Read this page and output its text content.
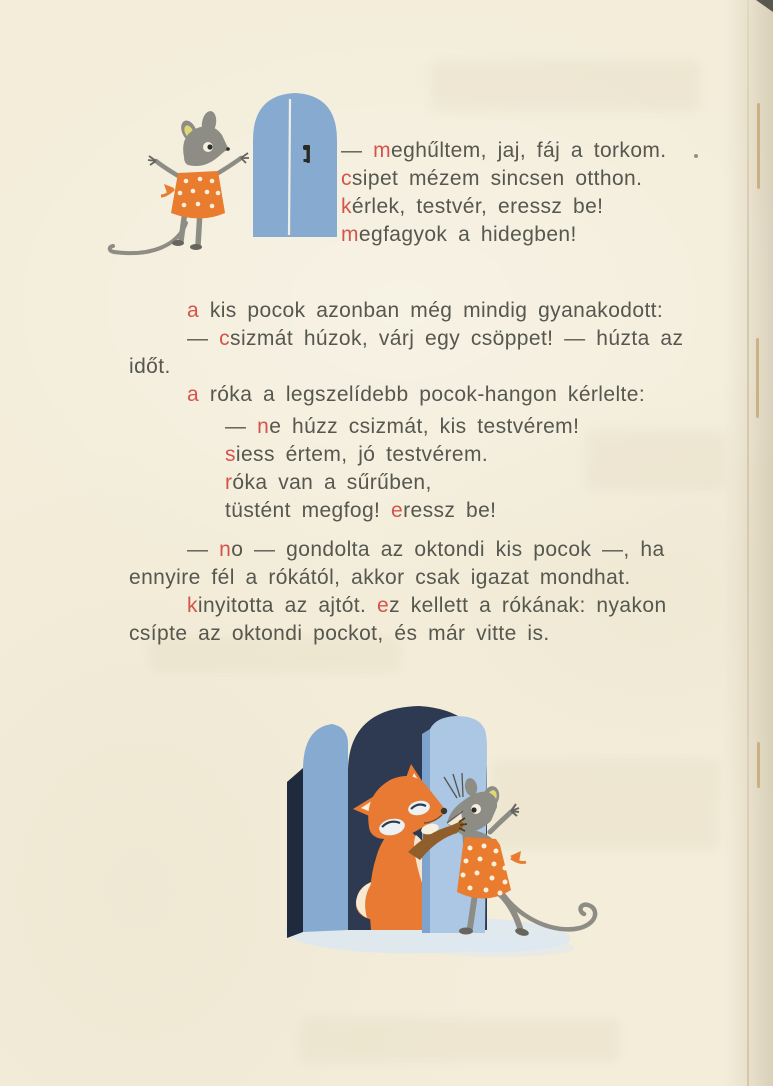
— meghűltem, jaj, fáj a torkom.
csipet mézem sincsen otthon.
kérlek, testvér, eressz be!
megfagyok a hidegben!
a kis pocok azonban még mindig gyanakodott:
— csizmát húzok, várj egy csöppet! — húzta az
időt.
a róka a legszelídebb pocok-hangon kérlelte:
— ne húzz csizmát, kis testvérem!
siess értem, jó testvérem.
róka van a sűrűben,
tüstént megfog! eressz be!
— no — gondolta az oktondi kis pocok —, ha
ennyire fél a rókától, akkor csak igazat mondhat.
kinyitotta az ajtót. ez kellett a rókának: nyakon
csípte az oktondi pockot, és már vitte is.
